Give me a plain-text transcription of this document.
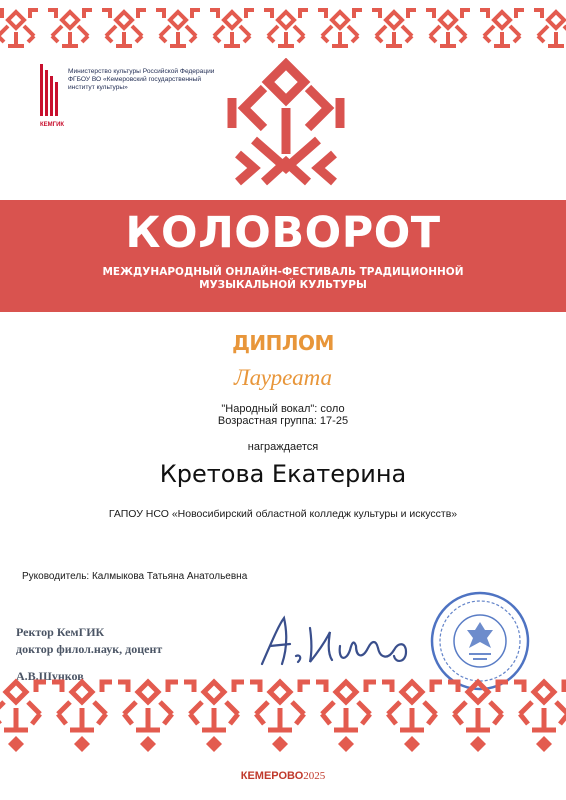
Министерство культуры Российской Федерации
ФГБОУ ВО «Кемеровский государственный
институт культуры»
КЕМГИК
КОЛОВОРОТ
МЕЖДУНАРОДНЫЙ ОНЛАЙН-ФЕСТИВАЛЬ ТРАДИЦИОННОЙ
МУЗЫКАЛЬНОЙ КУЛЬТУРЫ
ДИПЛОМ
Лауреата
"Народный вокал": соло
Возрастная группа: 17-25
награждается
Кретова Екатерина
ГАПОУ НСО «Новосибирский областной колледж культуры и искусств»
Руководитель: Калмыкова Татьяна Анатольевна
Ректор КемГИК
доктор филол.наук, доцент
А.В.Шунков
КЕМЕРОВО2025
